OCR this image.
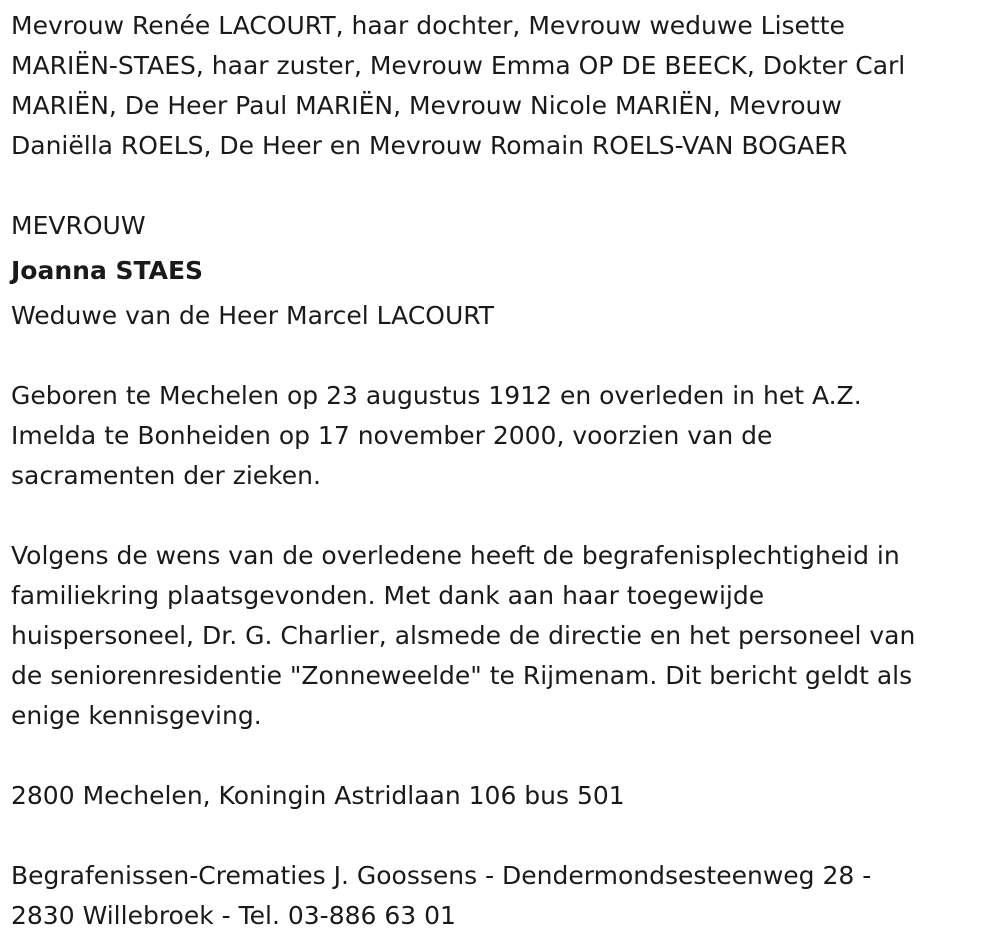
Mevrouw Renée LACOURT, haar dochter, Mevrouw weduwe Lisette
MARIËN-STAES, haar zuster, Mevrouw Emma OP DE BEECK, Dokter Carl
MARIËN, De Heer Paul MARIËN, Mevrouw Nicole MARIËN, Mevrouw
Daniëlla ROELS, De Heer en Mevrouw Romain ROELS-VAN BOGAER
MEVROUW
Joanna STAES
Weduwe van de Heer Marcel LACOURT
Geboren te Mechelen op 23 augustus 1912 en overleden in het A.Z.
Imelda te Bonheiden op 17 november 2000, voorzien van de
sacramenten der zieken.
Volgens de wens van de overledene heeft de begrafenisplechtigheid in
familiekring plaatsgevonden. Met dank aan haar toegewijde
huispersoneel, Dr. G. Charlier, alsmede de directie en het personeel van
de seniorenresidentie "Zonneweelde" te Rijmenam. Dit bericht geldt als
enige kennisgeving.
2800 Mechelen, Koningin Astridlaan 106 bus 501
Begrafenissen-Crematies J. Goossens - Dendermondsesteenweg 28 -
2830 Willebroek - Tel. 03-886 63 01
